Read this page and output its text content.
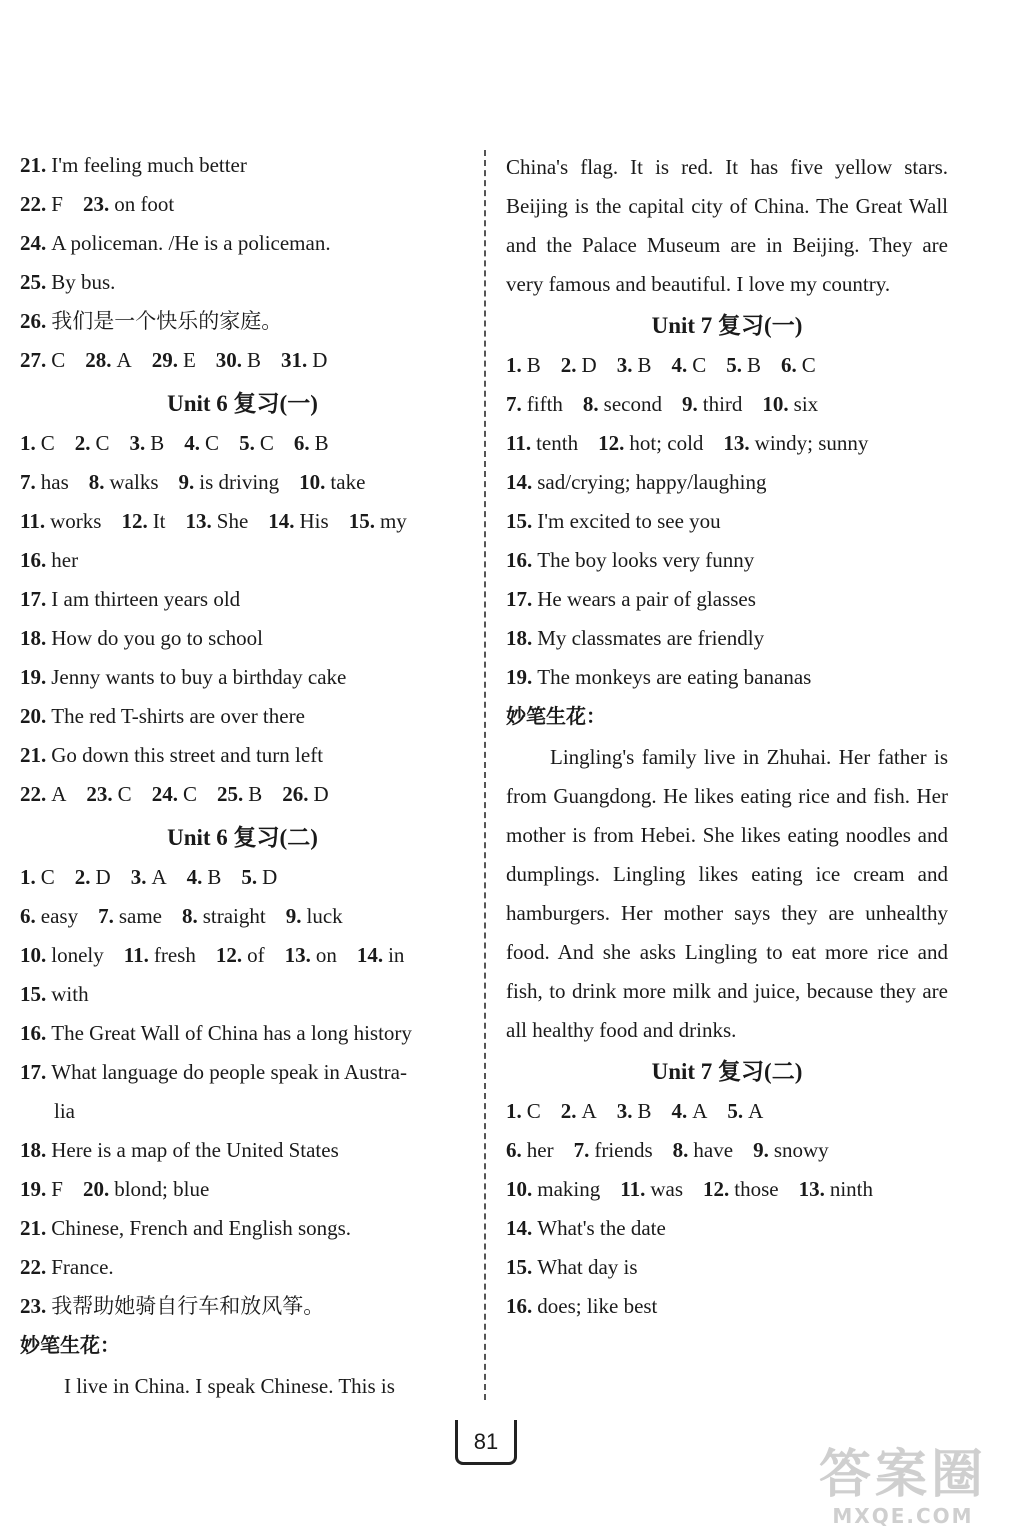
21. I'm feeling much better
22. F 23. on foot
24. A policeman. /He is a policeman.
25. By bus.
26. 我们是一个快乐的家庭。
27. C 28. A 29. E 30. B 31. D
Unit 6 复习(一)
1. C 2. C 3. B 4. C 5. C 6. B
7. has 8. walks 9. is driving 10. take
11. works 12. It 13. She 14. His 15. my
16. her
17. I am thirteen years old
18. How do you go to school
19. Jenny wants to buy a birthday cake
20. The red T-shirts are over there
21. Go down this street and turn left
22. A 23. C 24. C 25. B 26. D
Unit 6 复习(二)
1. C 2. D 3. A 4. B 5. D
6. easy 7. same 8. straight 9. luck
10. lonely 11. fresh 12. of 13. on 14. in
15. with
16. The Great Wall of China has a long history
17. What language do people speak in Austra-
lia
18. Here is a map of the United States
19. F 20. blond; blue
21. Chinese, French and English songs.
22. France.
23. 我帮助她骑自行车和放风筝。
妙笔生花：
I live in China. I speak Chinese. This is
China's flag. It is red. It has five yellow stars. Beijing is the capital city of China. The Great Wall and the Palace Museum are in Beijing. They are very famous and beautiful. I love my country.
Unit 7 复习(一)
1. B 2. D 3. B 4. C 5. B 6. C
7. fifth 8. second 9. third 10. six
11. tenth 12. hot; cold 13. windy; sunny
14. sad/crying; happy/laughing
15. I'm excited to see you
16. The boy looks very funny
17. He wears a pair of glasses
18. My classmates are friendly
19. The monkeys are eating bananas
妙笔生花：
Lingling's family live in Zhuhai. Her father is from Guangdong. He likes eating rice and fish. Her mother is from Hebei. She likes eating noodles and dumplings. Lingling likes eating ice cream and hamburgers. Her mother says they are unhealthy food. And she asks Lingling to eat more rice and fish, to drink more milk and juice, because they are all healthy food and drinks.
Unit 7 复习(二)
1. C 2. A 3. B 4. A 5. A
6. her 7. friends 8. have 9. snowy
10. making 11. was 12. those 13. ninth
14. What's the date
15. What day is
16. does; like best
81
答案圈
MXQE.COM
